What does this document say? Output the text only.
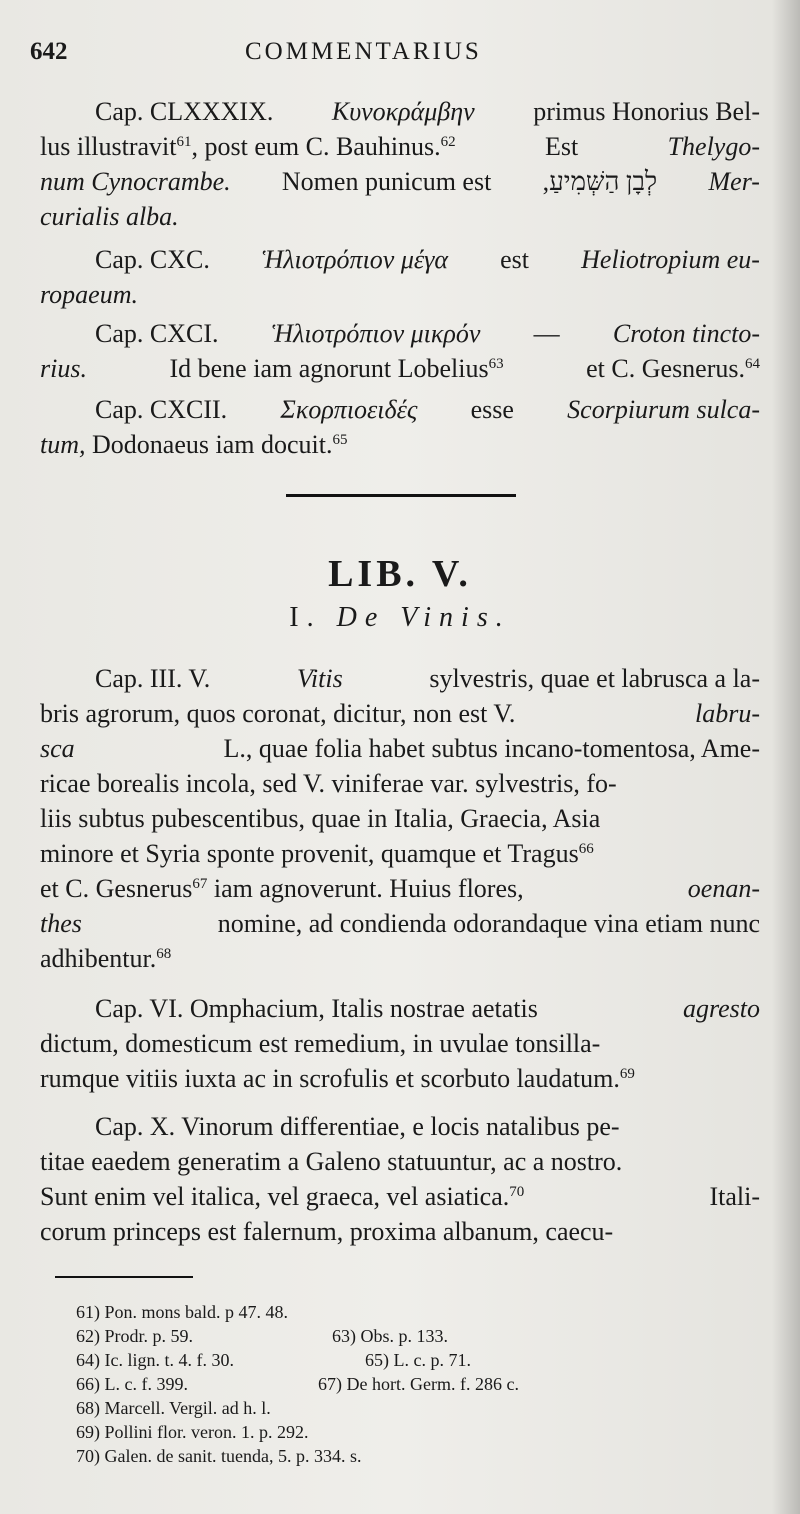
642	COMMENTARIUS
Cap. CLXXXIX. Κυνοκράμβην primus Honorius Bel-
lus illustravit$^{61}$, post eum C. Bauhinus.$^{62}$	Est	Thelygo-
num Cynocrambe. Nomen punicum est לְבָן הַשְּׁמִיעַ, Mer-
curialis alba.
Cap. CXC. Ἡλιοτρόπιον μέγα est Heliotropium eu-
ropaeum.
Cap. CXCI. Ἡλιοτρόπιον μικρόν — Croton tincto-
rius.	Id bene iam agnorunt Lobelius$^{63}$	et C. Gesnerus.$^{64}$
Cap. CXCII. Σκορπιοειδές esse Scorpiurum sulca-
tum, Dodonaeus iam docuit.$^{65}$
LIB. V.
I. De Vinis.
Cap. III. V.	Vitis	sylvestris, quae et labrusca a la-
bris agrorum, quos coronat, dicitur, non est V.	labru-
sca	L., quae folia habet subtus incano-tomentosa, Ame-
ricae borealis incola, sed V. viniferae var. sylvestris, fo-
liis subtus pubescentibus, quae in Italia, Graecia, Asia
minore et Syria sponte provenit, quamque et Tragus$^{66}$
et C. Gesnerus$^{67}$ iam agnoverunt. Huius flores,	oenan-
thes	nomine, ad condienda odorandaque vina etiam nunc
adhibentur.$^{68}$
Cap. VI. Omphacium, Italis nostrae aetatis	agresto
dictum, domesticum est remedium, in uvulae tonsilla-
rumque vitiis iuxta ac in scrofulis et scorbuto laudatum.$^{69}$
Cap. X. Vinorum differentiae, e locis natalibus pe-
titae eaedem generatim a Galeno statuuntur, ac a nostro.
Sunt enim vel italica, vel graeca, vel asiatica.$^{70}$	Itali-
corum princeps est falernum, proxima albanum, caecu-
61) Pon. mons bald. p 47. 48.
62) Prodr. p. 59.	63) Obs. p. 133.
64) Ic. lign. t. 4. f. 30.	65) L. c. p. 71.
66) L. c. f. 399.	67) De hort. Germ. f. 286 c.
68) Marcell. Vergil. ad h. l.
69) Pollini flor. veron. 1. p. 292.
70) Galen. de sanit. tuenda, 5. p. 334. s.
